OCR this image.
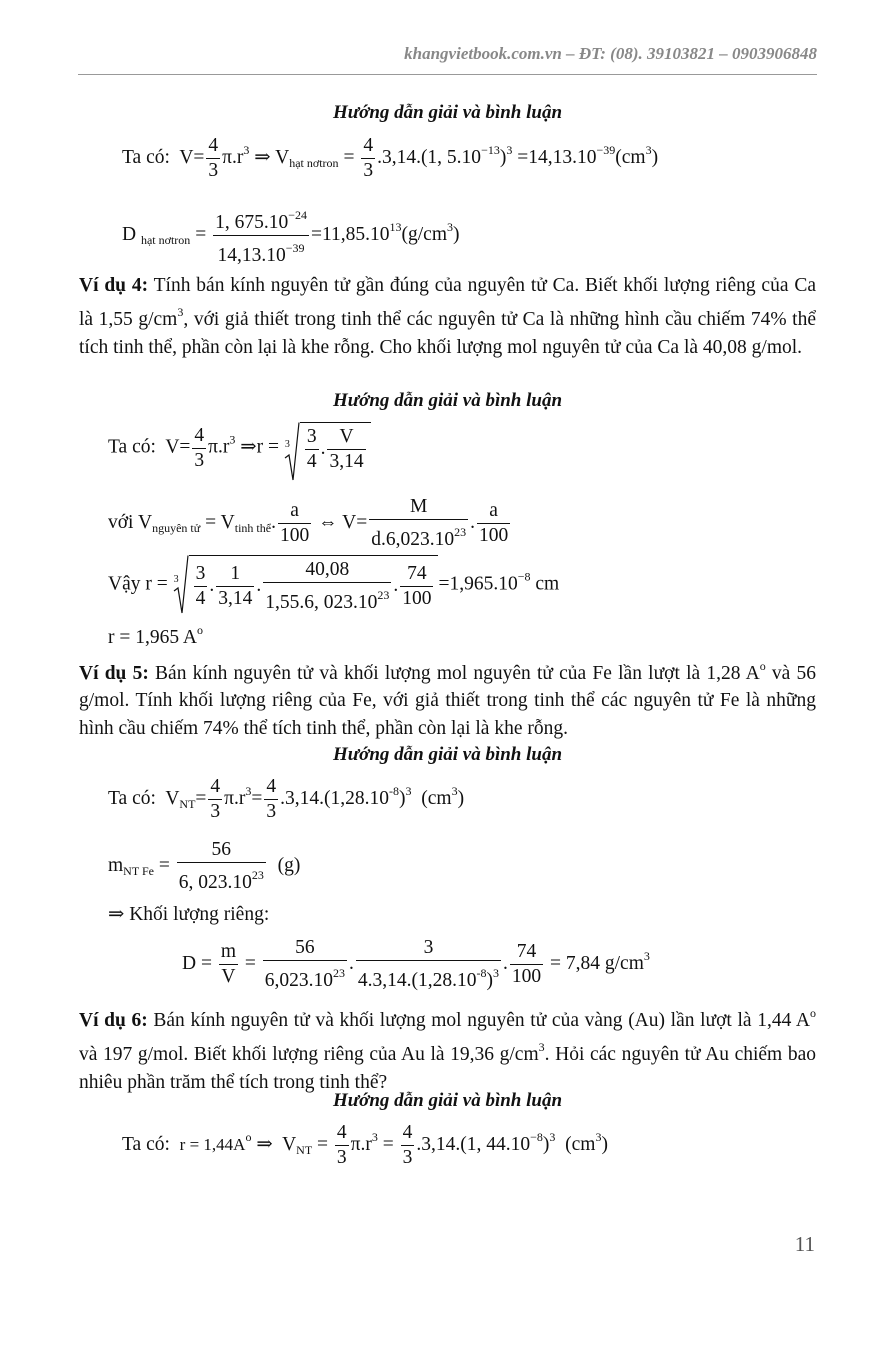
khangvietbook.com.vn – ĐT: (08). 39103821 – 0903906848
Hướng dẫn giải và bình luận
Ta có: $V= \frac{4}{3} \pi.r^3$ ⇒ $V_{hạt nơtron} = \frac{4}{3} .3,14.(1$, $5.10^{-13})^3 =14,13.10^{-39}(cm^3)$
D $_{hạt nơtron} = \frac{1, 675.10^{-24}}{14,13.10^{-39}} =11,85.10^{13}(g/cm^3)$
Ví dụ 4: Tính bán kính nguyên tử gần đúng của nguyên tử Ca. Biết khối lượng riêng của Ca là 1,55 $g/cm^3$, với giả thiết trong tinh thể các nguyên tử Ca là những hình cầu chiếm 74% thể tích tinh thể, phần còn lại là khe rỗng. Cho khối lượng mol nguyên tử của Ca là 40,08 g/mol.
Hướng dẫn giải và bình luận
Ta có: $V= \frac{4}{3} \pi.r^3$ ⇒r = $3 \frac{3}{4}$ . $\frac{V}{3,14}$
với $V_{nguyên tử} = V_{tinh thể}$. $\frac{a}{100}$ ⇔ $V= \frac{M}{d.6,023.10^{23}}$ . $\frac{a}{100}$
Vậy $r = 3 \frac{3}{4}$ . $\frac{1}{3,14}$ . $\frac{40,08}{1,55.6, 023.10^{23}}$ . $\frac{74}{100} =1,965.10^{-8}$ cm
r = 1,965 $A^o$
Ví dụ 5: Bán kính nguyên tử và khối lượng mol nguyên tử của Fe lần lượt là 1,28 $A^o$ và 56 g/mol. Tính khối lượng riêng của Fe, với giả thiết trong tinh thể các nguyên tử Fe là những hình cầu chiếm 74% thể tích tinh thể, phần còn lại là khe rỗng.
Hướng dẫn giải và bình luận
Ta có: $V_{NT}= \frac{4}{3} \pi.r^3= \frac{4}{3} .3,14.(1,28.10^{-8})^3$ $(cm^3)$
$m_{NT Fe} = \frac{56}{6, 023.10^{23}} (g)$
⇒ Khối lượng riêng:
$D = \frac{m}{V} = \frac{56}{6,023.10^{23}}$ . $\frac{3}{4.3,14.(1,28.10^{-8})^3}$ . $\frac{74}{100} = 7,84$ $g/cm^3$
Ví dụ 6: Bán kính nguyên tử và khối lượng mol nguyên tử của vàng (Au) lần lượt là 1,44 $A^o$ và 197 g/mol. Biết khối lượng riêng của Au là 19,36 $g/cm^3$. Hỏi các nguyên tử Au chiếm bao nhiêu phần trăm thể tích trong tinh thể?
Hướng dẫn giải và bình luận
Ta có: $r = 1,44A^o$ ⇒ $V_{NT} = \frac{4}{3} \pi.r^3 = \frac{4}{3} .3,14.(1$, $44.10^{-8})^3$ $(cm^3)$
11
